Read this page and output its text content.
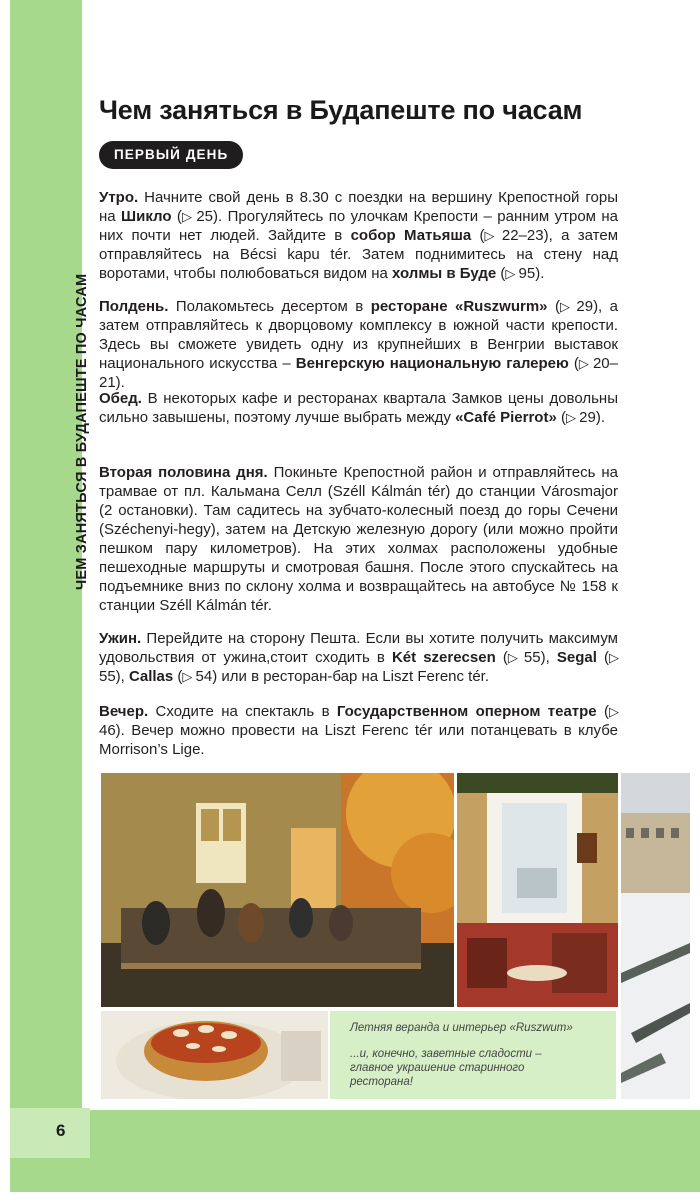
ЧЕМ ЗАНЯТЬСЯ В БУДАПЕШТЕ ПО ЧАСАМ
6
Чем заняться в Будапеште по часам
ПЕРВЫЙ ДЕНЬ

Утро. Начните свой день в 8.30 с поездки на вершину Крепостной горы на Шикло (▷ 25). Прогуляйтесь по улочкам Крепости – ранним утром на них почти нет людей. Зайдите в собор Матьяша (▷ 22–23), а затем отправляйтесь на Bécsi kapu tér. Затем поднимитесь на стену над воротами, чтобы полюбоваться видом на холмы в Буде (▷ 95).

Полдень. Полакомьтесь десертом в ресторане «Ruszwurm» (▷ 29), а затем отправляйтесь к дворцовому комплексу в южной части крепости. Здесь вы сможете увидеть одну из крупнейших в Венгрии выставок национального искусства – Венгерскую национальную галерею (▷ 20–21).

Обед. В некоторых кафе и ресторанах квартала Замков цены довольны сильно завышены, поэтому лучше выбрать между «Café Pierrot» (▷ 29).

Вторая половина дня. Покиньте Крепостной район и отправляйтесь на трамвае от пл. Кальмана Селл (Széll Kálmán tér) до станции Városmajor (2 остановки). Там садитесь на зубчато-колесный поезд до горы Сечени (Széchenyi-hegy), затем на Детскую железную дорогу (или можно пройти пешком пару километров). На этих холмах расположены удобные пешеходные маршруты и смотровая башня. После этого спускайтесь на подъемнике вниз по склону холма и возвращайтесь на автобусе № 158 к станции Széll Kálmán tér.

Ужин. Перейдите на сторону Пешта. Если вы хотите получить максимум удовольствия от ужина,стоит сходить в Két szerecsen (▷ 55), Segal (▷ 55), Callas (▷ 54) или в ресторан-бар на Liszt Ferenc tér.

Вечер. Сходите на спектакль в Государственном оперном театре (▷ 46). Вечер можно провести на Liszt Ferenc tér или потанцевать в клубе Morrison’s Lige.

Летняя веранда и интерьер «Ruszwum»
...и, конечно, заветные сладости – главное украшение старинного ресторана!
